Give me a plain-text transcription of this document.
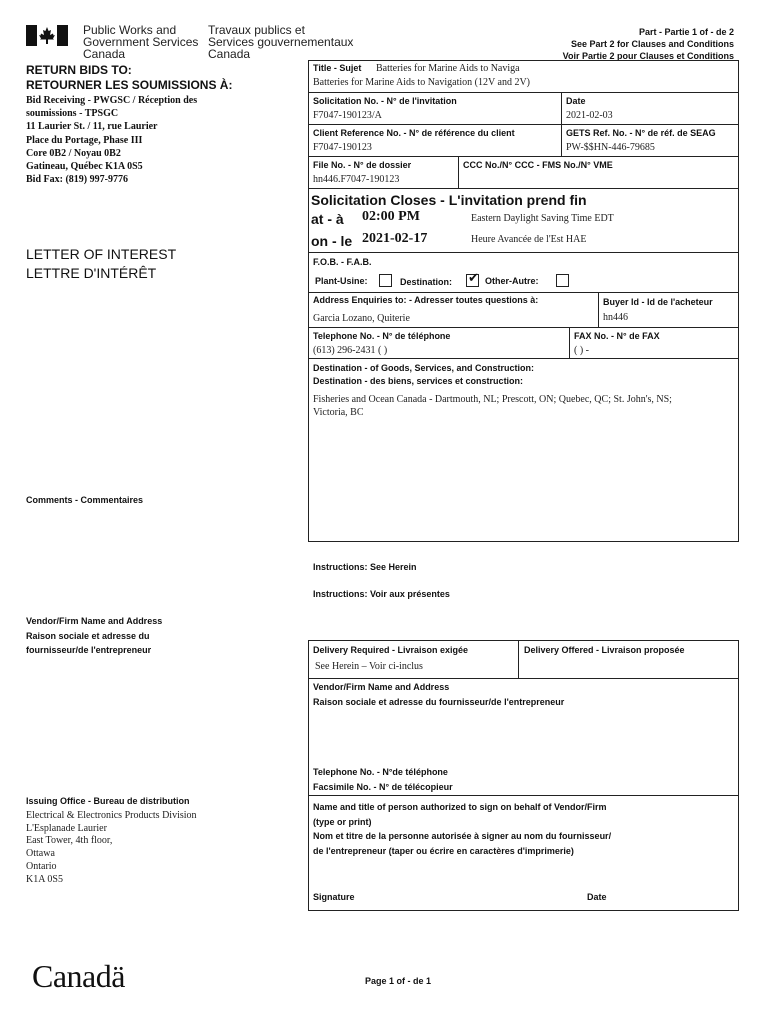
Public Works and
Government Services
Canada
Travaux publics et
Services gouvernementaux
Canada
Part - Partie 1 of - de 2
See Part 2 for Clauses and Conditions
Voir Partie 2 pour Clauses et Conditions
RETURN BIDS TO:
RETOURNER LES SOUMISSIONS À:
Bid Receiving - PWGSC / Réception des
soumissions - TPSGC
11 Laurier St. / 11, rue Laurier
Place du Portage, Phase III
Core 0B2 / Noyau 0B2
Gatineau, Québec K1A 0S5
Bid Fax: (819) 997-9776
LETTER OF INTEREST
LETTRE D'INTÉRÊT
Comments - Commentaires
Vendor/Firm Name and Address
Raison sociale et adresse du
fournisseur/de l'entrepreneur
Issuing Office - Bureau de distribution
Electrical & Electronics Products Division
L'Esplanade Laurier
East Tower, 4th floor,
Ottawa
Ontario
K1A 0S5
Title - Sujet Batteries for Marine Aids to Naviga
Batteries for Marine Aids to Navigation (12V and 2V)
Solicitation No. - N° de l'invitation
F7047-190123/A
Date
2021-02-03
Client Reference No. - N° de référence du client
F7047-190123
GETS Ref. No. - N° de réf. de SEAG
PW-$$HN-446-79685
File No. - N° de dossier
hn446.F7047-190123
CCC No./N° CCC - FMS No./N° VME
Solicitation Closes - L'invitation prend fin
at - à 02:00 PM	Eastern Daylight Saving Time EDT
on - le 2021-02-17	Heure Avancée de l'Est HAE
F.O.B. - F.A.B.
Plant-Usine:	Destination: ✔ Other-Autre:
Address Enquiries to: - Adresser toutes questions à:
Garcia Lozano, Quiterie
Buyer Id - Id de l'acheteur
hn446
Telephone No. - N° de téléphone
(613) 296-2431 ( )
FAX No. - N° de FAX
( ) -
Destination - of Goods, Services, and Construction:
Destination - des biens, services et construction:
Fisheries and Ocean Canada - Dartmouth, NL; Prescott, ON; Quebec, QC; St. John's, NS;
Victoria, BC
Instructions: See Herein
Instructions: Voir aux présentes
Delivery Required - Livraison exigée
See Herein – Voir ci-inclus
Delivery Offered - Livraison proposée
Vendor/Firm Name and Address
Raison sociale et adresse du fournisseur/de l'entrepreneur
Telephone No. - N°de téléphone
Facsimile No. - N° de télécopieur
Name and title of person authorized to sign on behalf of Vendor/Firm
(type or print)
Nom et titre de la personne autorisée à signer au nom du fournisseur/
de l'entrepreneur (taper ou écrire en caractères d'imprimerie)
Signature	Date
Canadä	Page 1 of - de 1
